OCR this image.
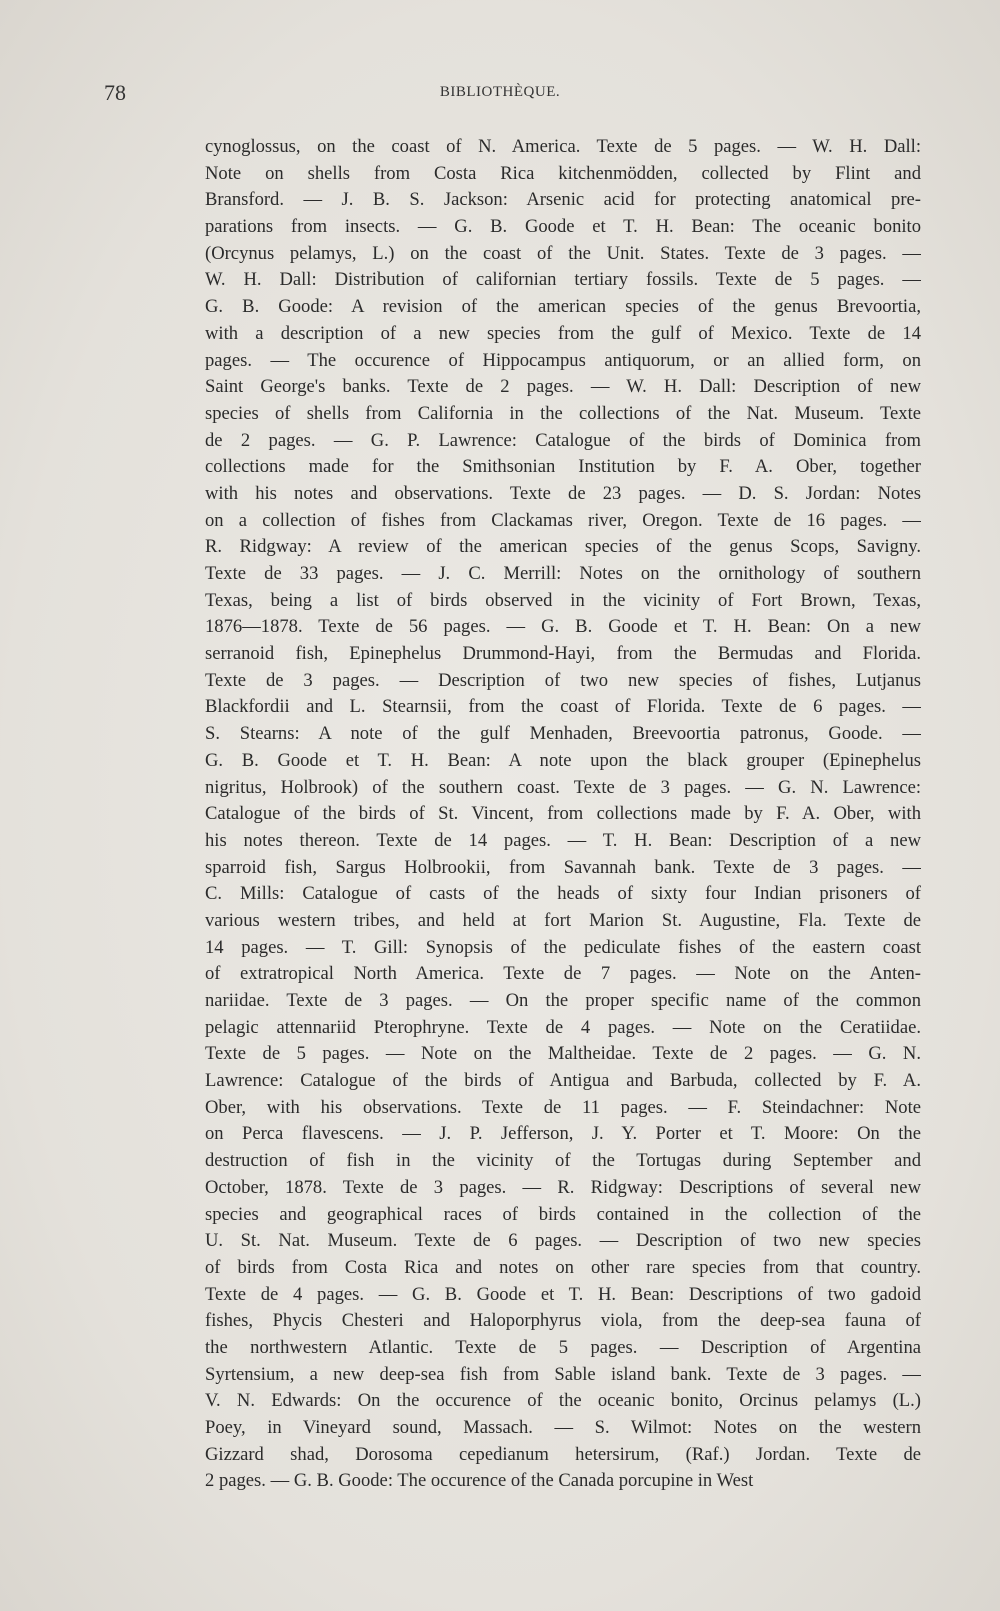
78	BIBLIOTHÈQUE.
cynoglossus, on the coast of N. America. Texte de 5 pages. — W. H. Dall:
Note on shells from Costa Rica kitchenmödden, collected by Flint and
Bransford. — J. B. S. Jackson: Arsenic acid for protecting anatomical pre-
parations from insects. — G. B. Goode et T. H. Bean: The oceanic bonito
(Orcynus pelamys, L.) on the coast of the Unit. States. Texte de 3 pages. —
W. H. Dall: Distribution of californian tertiary fossils. Texte de 5 pages. —
G. B. Goode: A revision of the american species of the genus Brevoortia,
with a description of a new species from the gulf of Mexico. Texte de 14
pages. — The occurence of Hippocampus antiquorum, or an allied form, on
Saint George's banks. Texte de 2 pages. — W. H. Dall: Description of new
species of shells from California in the collections of the Nat. Museum. Texte
de 2 pages. — G. P. Lawrence: Catalogue of the birds of Dominica from
collections made for the Smithsonian Institution by F. A. Ober, together
with his notes and observations. Texte de 23 pages. — D. S. Jordan: Notes
on a collection of fishes from Clackamas river, Oregon. Texte de 16 pages. —
R. Ridgway: A review of the american species of the genus Scops, Savigny.
Texte de 33 pages. — J. C. Merrill: Notes on the ornithology of southern
Texas, being a list of birds observed in the vicinity of Fort Brown, Texas,
1876—1878. Texte de 56 pages. — G. B. Goode et T. H. Bean: On a new
serranoid fish, Epinephelus Drummond-Hayi, from the Bermudas and Florida.
Texte de 3 pages. — Description of two new species of fishes, Lutjanus
Blackfordii and L. Stearnsii, from the coast of Florida. Texte de 6 pages. —
S. Stearns: A note of the gulf Menhaden, Breevoortia patronus, Goode. —
G. B. Goode et T. H. Bean: A note upon the black grouper (Epinephelus
nigritus, Holbrook) of the southern coast. Texte de 3 pages. — G. N. Lawrence:
Catalogue of the birds of St. Vincent, from collections made by F. A. Ober, with
his notes thereon. Texte de 14 pages. — T. H. Bean: Description of a new
sparroid fish, Sargus Holbrookii, from Savannah bank. Texte de 3 pages. —
C. Mills: Catalogue of casts of the heads of sixty four Indian prisoners of
various western tribes, and held at fort Marion St. Augustine, Fla. Texte de
14 pages. — T. Gill: Synopsis of the pediculate fishes of the eastern coast
of extratropical North America. Texte de 7 pages. — Note on the Anten-
nariidae. Texte de 3 pages. — On the proper specific name of the common
pelagic attennariid Pterophryne. Texte de 4 pages. — Note on the Ceratiidae.
Texte de 5 pages. — Note on the Maltheidae. Texte de 2 pages. — G. N.
Lawrence: Catalogue of the birds of Antigua and Barbuda, collected by F. A.
Ober, with his observations. Texte de 11 pages. — F. Steindachner: Note
on Perca flavescens. — J. P. Jefferson, J. Y. Porter et T. Moore: On the
destruction of fish in the vicinity of the Tortugas during September and
October, 1878. Texte de 3 pages. — R. Ridgway: Descriptions of several new
species and geographical races of birds contained in the collection of the
U. St. Nat. Museum. Texte de 6 pages. — Description of two new species
of birds from Costa Rica and notes on other rare species from that country.
Texte de 4 pages. — G. B. Goode et T. H. Bean: Descriptions of two gadoid
fishes, Phycis Chesteri and Haloporphyrus viola, from the deep-sea fauna of
the northwestern Atlantic. Texte de 5 pages. — Description of Argentina
Syrtensium, a new deep-sea fish from Sable island bank. Texte de 3 pages. —
V. N. Edwards: On the occurence of the oceanic bonito, Orcinus pelamys (L.)
Poey, in Vineyard sound, Massach. — S. Wilmot: Notes on the western
Gizzard shad, Dorosoma cepedianum hetersirum, (Raf.) Jordan. Texte de
2 pages. — G. B. Goode: The occurence of the Canada porcupine in West
